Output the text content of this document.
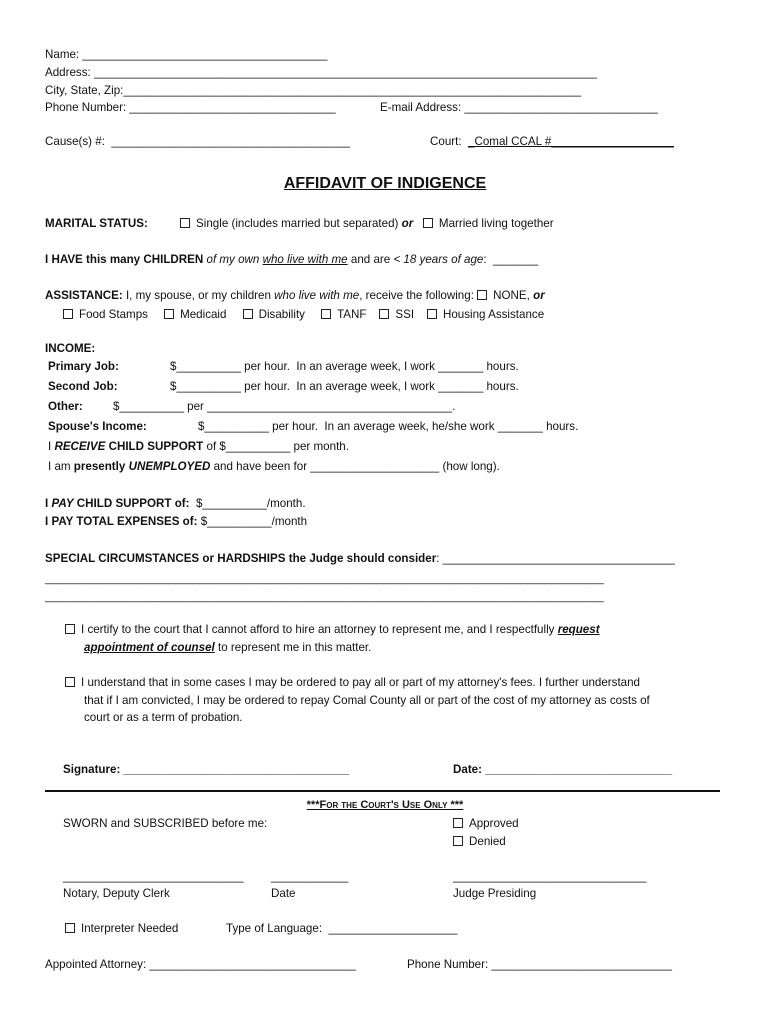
Name: ______________________________________
Address: ______________________________________________________________________________
City, State, Zip:_______________________________________________________________________
Phone Number: ________________________________	E-mail Address: ______________________________
Cause(s) #:  _____________________________________	Court:  _Comal CCAL #___________________
AFFIDAVIT OF INDIGENCE
MARITAL STATUS:	Single (includes married but separated) or Married living together
I HAVE this many CHILDREN of my own who live with me and are < 18 years of age:  _______
ASSISTANCE: I, my spouse, or my children who live with me, receive the following: NONE, or
Food Stamps	Medicaid	Disability	TANF SSI Housing Assistance
INCOME:
Primary Job:	$__________ per hour.  In an average week, I work _______ hours.
Second Job:	$__________ per hour.  In an average week, I work _______ hours.
Other:	$__________ per ______________________________________.
Spouse's Income:	$__________ per hour.  In an average week, he/she work _______ hours.
I RECEIVE CHILD SUPPORT of $__________ per month.
I am presently UNEMPLOYED and have been for ____________________ (how long).
I PAY CHILD SUPPORT of:  $__________/month.
I PAY TOTAL EXPENSES of: $__________/month
SPECIAL CIRCUMSTANCES or HARDSHIPS the Judge should consider: ____________________________________
______________________________________________________________________________________________
______________________________________________________________________________________________
I certify to the court that I cannot afford to hire an attorney to represent me, and I respectfully request
appointment of counsel to represent me in this matter.
I understand that in some cases I may be ordered to pay all or part of my attorney's fees. I further understand
that if I am convicted, I may be ordered to repay Comal County all or part of the cost of my attorney as costs of
court or as a term of probation.
Signature: ___________________________________	Date: _____________________________
***For the Court's Use Only ***
SWORN and SUBSCRIBED before me:	Approved
Denied
____________________________ ____________	______________________________
Notary, Deputy Clerk	Date	Judge Presiding
Interpreter Needed	Type of Language:  ____________________
Appointed Attorney: ________________________________	Phone Number: ____________________________
